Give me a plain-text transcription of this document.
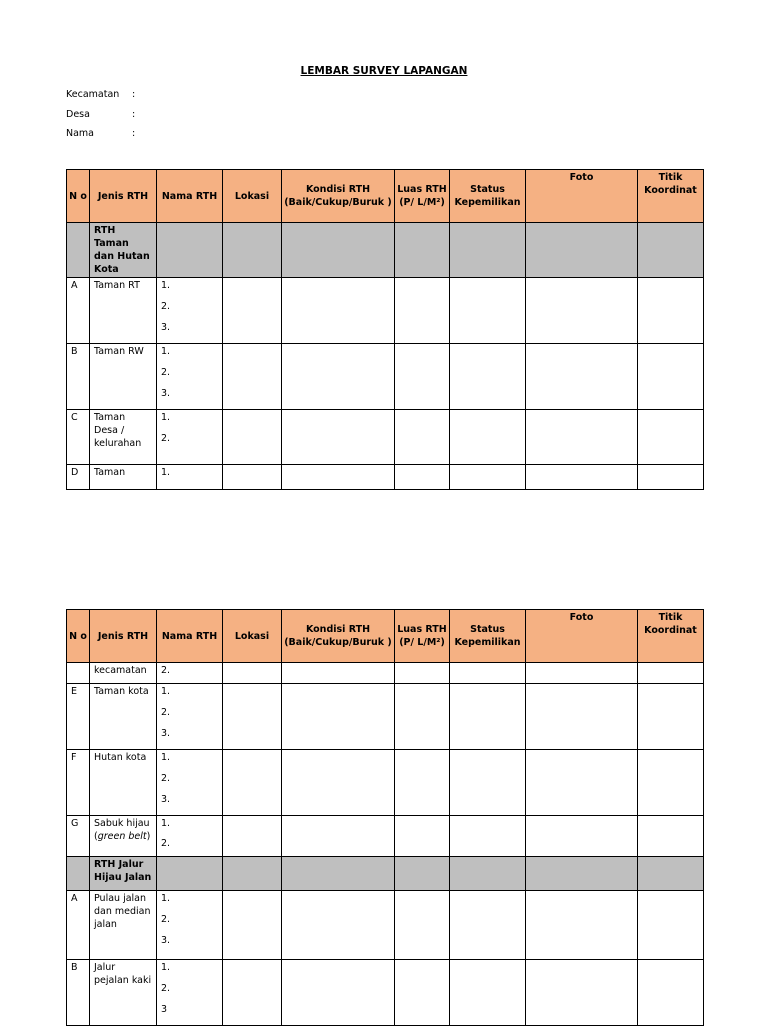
LEMBAR SURVEY LAPANGAN
Kecamatan :
Desa	:
Nama	:
N o	Jenis RTH	Nama RTH	Lokasi	Kondisi RTH (Baik/Cukup/Buruk )	Luas RTH (P/ L/M²)	Status Kepemilikan	Foto	Titik Koordinat
	RTH Taman dan Hutan Kota							
A	Taman RT	1.
2.
3.						

B	Taman RW	1.
2.
3.						

C	Taman Desa / kelurahan	1.
2.						

D	Taman	1.						

N o	Jenis RTH	Nama RTH	Lokasi	Kondisi RTH (Baik/Cukup/Buruk )	Luas RTH (P/ L/M²)	Status Kepemilikan	Foto	Titik Koordinat
	kecamatan	2.						

E	Taman kota	1.
2.
3.						

F	Hutan kota	1.
2.
3.						

G	Sabuk hijau (green belt)	1.
2.						

	RTH Jalur Hijau Jalan							
A	Pulau jalan dan median jalan	1.
2.
3.						

B	Jalur pejalan kaki	1.
2.
3						
